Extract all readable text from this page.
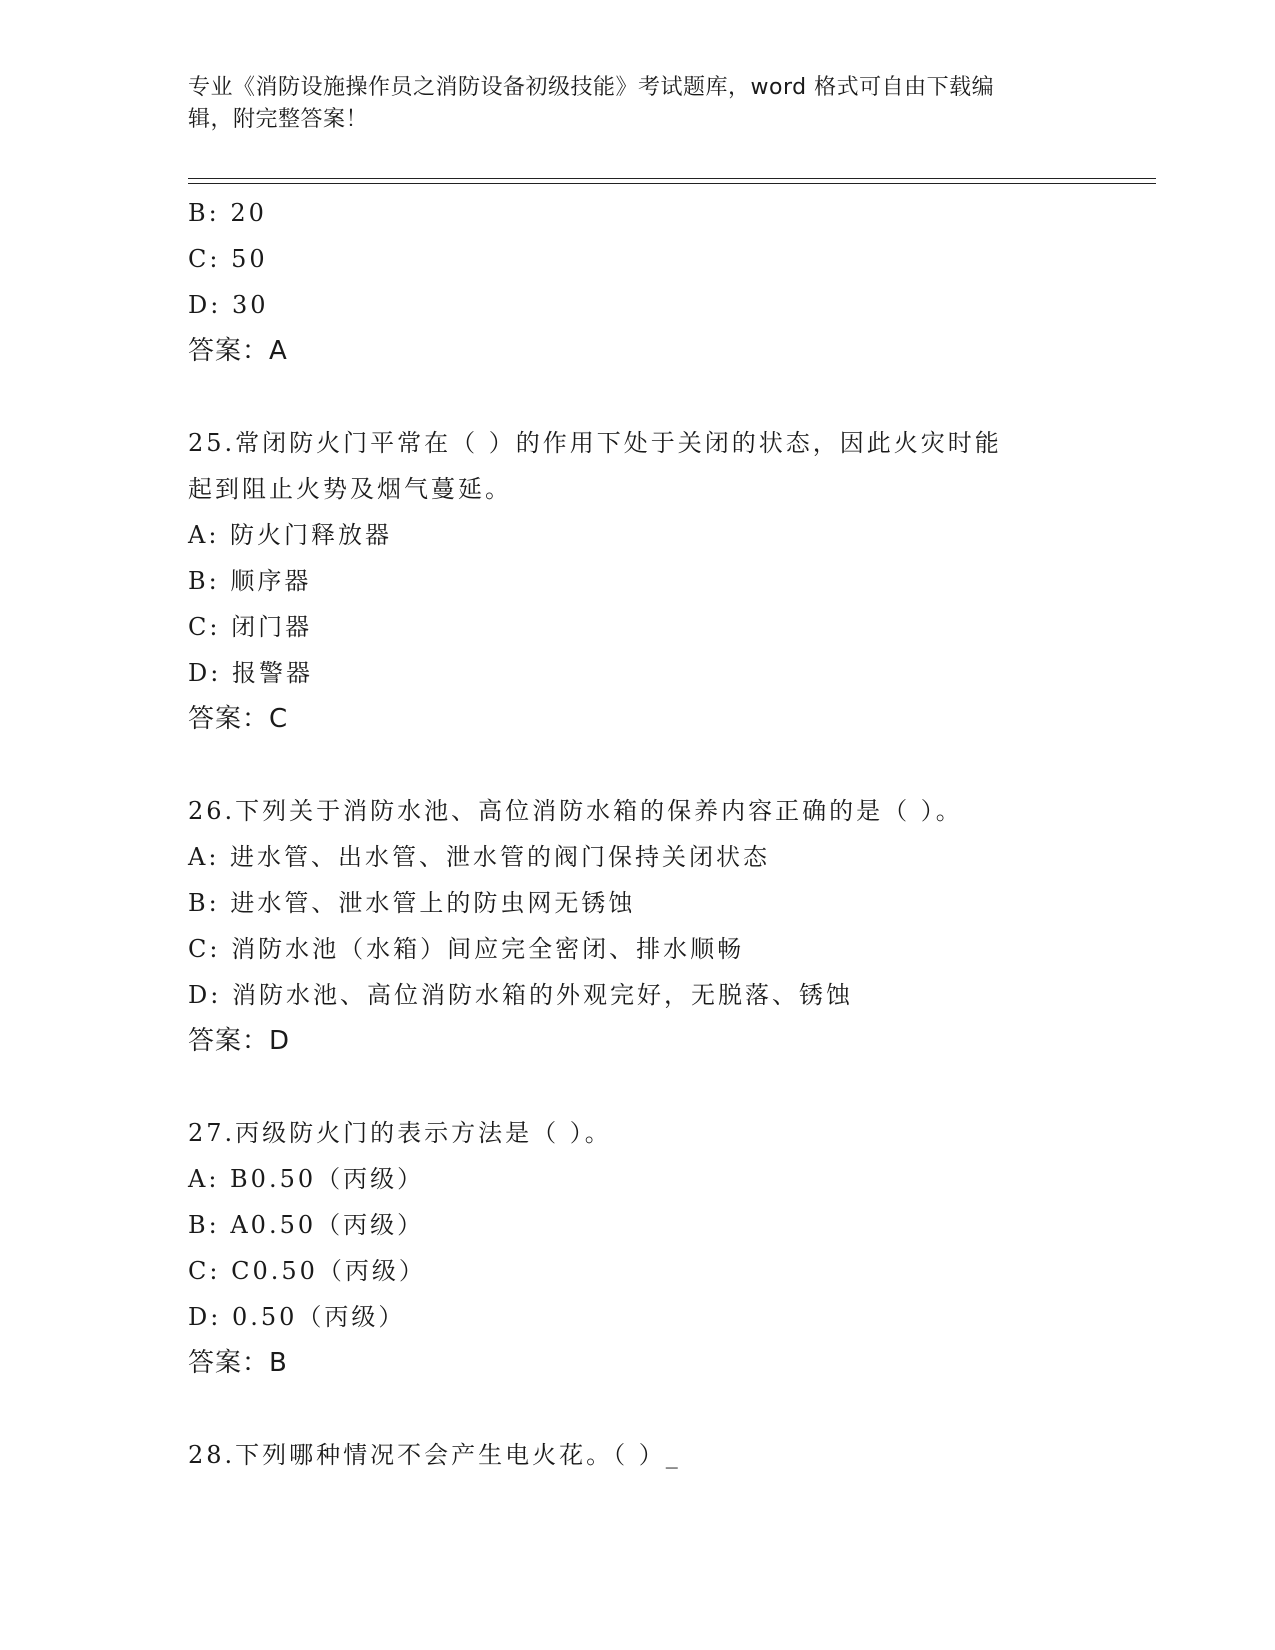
专业《消防设施操作员之消防设备初级技能》考试题库，word 格式可自由下载编
辑，附完整答案！
B: 20
C: 50
D: 30
答案：A
25.常闭防火门平常在（ ）的作用下处于关闭的状态，因此火灾时能
起到阻止火势及烟气蔓延。
A: 防火门释放器
B: 顺序器
C: 闭门器
D: 报警器
答案：C
26.下列关于消防水池、高位消防水箱的保养内容正确的是（ ）。
A: 进水管、出水管、泄水管的阀门保持关闭状态
B: 进水管、泄水管上的防虫网无锈蚀
C: 消防水池（水箱）间应完全密闭、排水顺畅
D: 消防水池、高位消防水箱的外观完好，无脱落、锈蚀
答案：D
27.丙级防火门的表示方法是（ ）。
A: B0.50（丙级）
B: A0.50（丙级）
C: C0.50（丙级）
D: 0.50（丙级）
答案：B
28.下列哪种情况不会产生电火花。（ ）_
